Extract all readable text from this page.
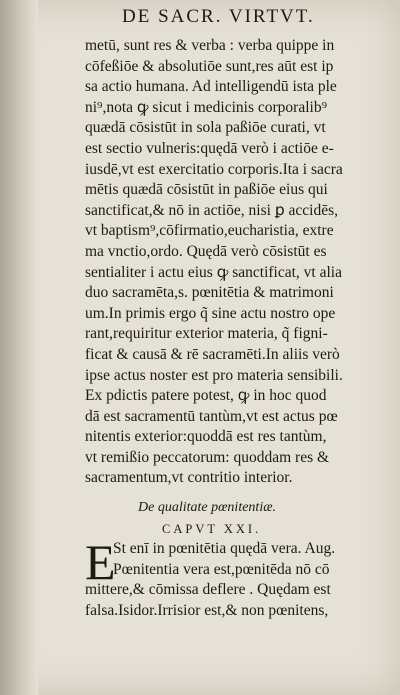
DE SACR. VIRTVT.
metū, sunt res & verba : verba quippe in
cōfeßiōe & absolutiōe sunt,res aūt est ip
sa actio humana. Ad intelligendū ista ple
ni⁹,nota ꝙ sicut i medicinis corporalib⁹
quædā cōsistūt in sola paßiōe curati, vt
est sectio vulneris:quędā verò i actiōe e-
iusdē,vt est exercitatio corporis.Ita i sacra
mētis quædā cōsistūt in paßiōe eius qui
sanctificat,& nō in actiōe, nisi ꝑ accidēs,
vt baptism⁹,cōfirmatio,eucharistia, extre
ma vnctio,ordo. Quędā verò cōsistūt es
sentialiter i actu eius ꝙ sanctificat, vt alia
duo sacramēta,s. pœnitētia & matrimoni
um.In primis ergo q̃ sine actu nostro ope
rant,requiritur exterior materia, q̃ figni-
ficat & causā & rē sacramēti.In aliis verò
ipse actus noster est pro materia sensibili.
Ex pdictis patere potest, ꝙ in hoc quod
dā est sacramentū tantùm,vt est actus pœ
nitentis exterior:quoddā est res tantùm,
vt remißio peccatorum: quoddam res &
sacramentum,vt contritio interior.
De qualitate pœnitentiæ.
CAPVT XXI.
E
St enī in pœnitētia quędā vera. Aug.
Pœnitentia vera est,pœnitēda nō cō
mittere,& cōmissa deflere . Quędam est
falsa.Isidor.Irrisior est,& non pœnitens,
